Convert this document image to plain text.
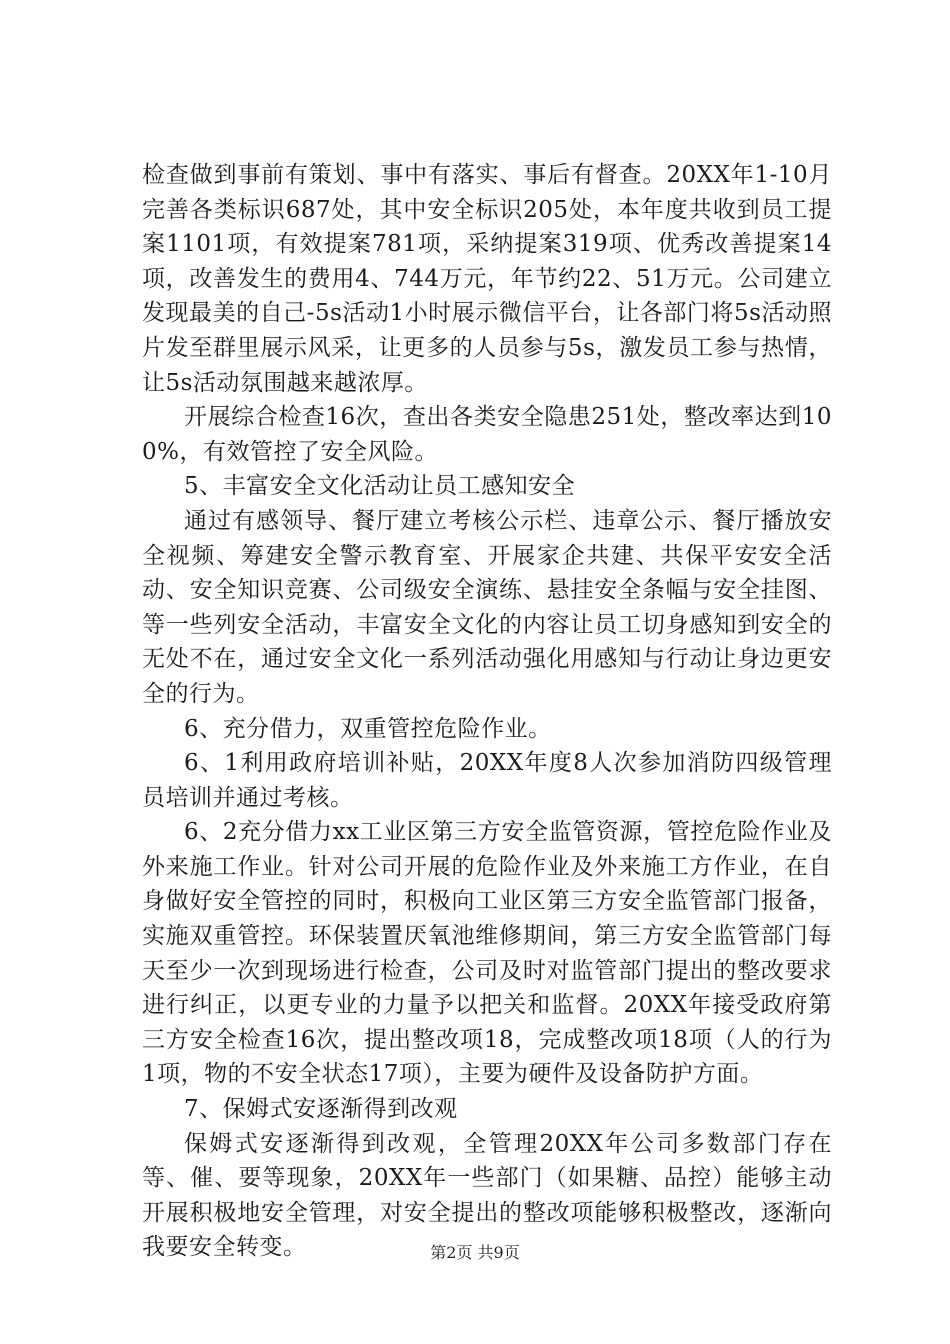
检查做到事前有策划、事中有落实、事后有督查。20XX年1-10月完善各类标识687处，其中安全标识205处，本年度共收到员工提案1101项，有效提案781项，采纳提案319项、优秀改善提案14项，改善发生的费用4、744万元，年节约22、51万元。公司建立发现最美的自己-5s活动1小时展示微信平台，让各部门将5s活动照片发至群里展示风采，让更多的人员参与5s，激发员工参与热情，让5s活动氛围越来越浓厚。

开展综合检查16次，查出各类安全隐患251处，整改率达到100%，有效管控了安全风险。

5、丰富安全文化活动让员工感知安全

通过有感领导、餐厅建立考核公示栏、违章公示、餐厅播放安全视频、筹建安全警示教育室、开展家企共建、共保平安安全活动、安全知识竞赛、公司级安全演练、悬挂安全条幅与安全挂图、等一些列安全活动，丰富安全文化的内容让员工切身感知到安全的无处不在，通过安全文化一系列活动强化用感知与行动让身边更安全的行为。

6、充分借力，双重管控危险作业。

6、1利用政府培训补贴，20XX年度8人次参加消防四级管理员培训并通过考核。

6、2充分借力xx工业区第三方安全监管资源，管控危险作业及外来施工作业。针对公司开展的危险作业及外来施工方作业，在自身做好安全管控的同时，积极向工业区第三方安全监管部门报备，实施双重管控。环保装置厌氧池维修期间，第三方安全监管部门每天至少一次到现场进行检查，公司及时对监管部门提出的整改要求进行纠正，以更专业的力量予以把关和监督。20XX年接受政府第三方安全检查16次，提出整改项18，完成整改项18项（人的行为1项，物的不安全状态17项），主要为硬件及设备防护方面。

7、保姆式安逐渐得到改观

保姆式安逐渐得到改观，全管理20XX年公司多数部门存在等、催、要等现象，20XX年一些部门（如果糖、品控）能够主动开展积极地安全管理，对安全提出的整改项能够积极整改，逐渐向我要安全转变。	第2页 共9页
